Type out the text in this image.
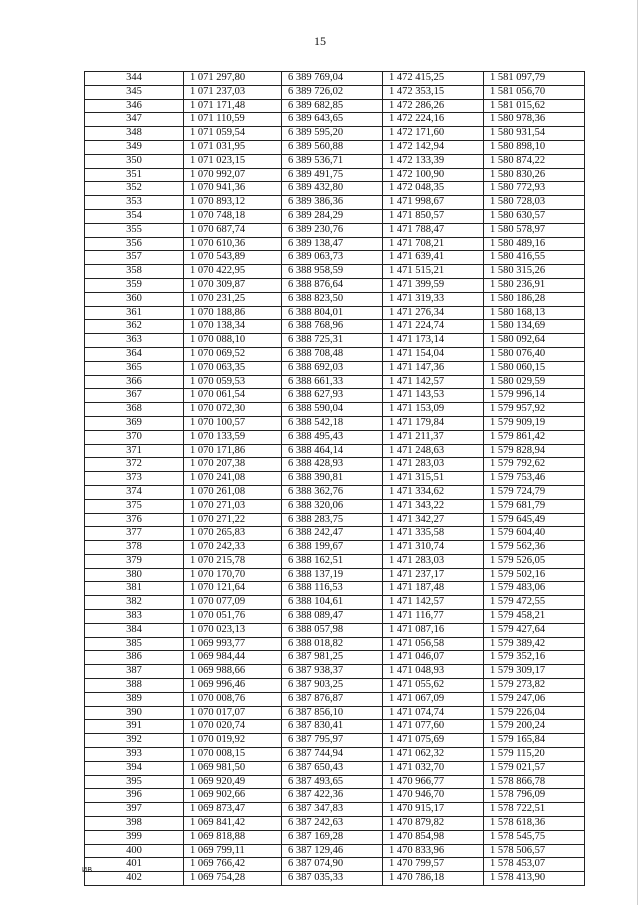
15
344	1 071 297,80	6 389 769,04	1 472 415,25	1 581 097,79
345	1 071 237,03	6 389 726,02	1 472 353,15	1 581 056,70
346	1 071 171,48	6 389 682,85	1 472 286,26	1 581 015,62
347	1 071 110,59	6 389 643,65	1 472 224,16	1 580 978,36
348	1 071 059,54	6 389 595,20	1 472 171,60	1 580 931,54
349	1 071 031,95	6 389 560,88	1 472 142,94	1 580 898,10
350	1 071 023,15	6 389 536,71	1 472 133,39	1 580 874,22
351	1 070 992,07	6 389 491,75	1 472 100,90	1 580 830,26
352	1 070 941,36	6 389 432,80	1 472 048,35	1 580 772,93
353	1 070 893,12	6 389 386,36	1 471 998,67	1 580 728,03
354	1 070 748,18	6 389 284,29	1 471 850,57	1 580 630,57
355	1 070 687,74	6 389 230,76	1 471 788,47	1 580 578,97
356	1 070 610,36	6 389 138,47	1 471 708,21	1 580 489,16
357	1 070 543,89	6 389 063,73	1 471 639,41	1 580 416,55
358	1 070 422,95	6 388 958,59	1 471 515,21	1 580 315,26
359	1 070 309,87	6 388 876,64	1 471 399,59	1 580 236,91
360	1 070 231,25	6 388 823,50	1 471 319,33	1 580 186,28
361	1 070 188,86	6 388 804,01	1 471 276,34	1 580 168,13
362	1 070 138,34	6 388 768,96	1 471 224,74	1 580 134,69
363	1 070 088,10	6 388 725,31	1 471 173,14	1 580 092,64
364	1 070 069,52	6 388 708,48	1 471 154,04	1 580 076,40
365	1 070 063,35	6 388 692,03	1 471 147,36	1 580 060,15
366	1 070 059,53	6 388 661,33	1 471 142,57	1 580 029,59
367	1 070 061,54	6 388 627,93	1 471 143,53	1 579 996,14
368	1 070 072,30	6 388 590,04	1 471 153,09	1 579 957,92
369	1 070 100,57	6 388 542,18	1 471 179,84	1 579 909,19
370	1 070 133,59	6 388 495,43	1 471 211,37	1 579 861,42
371	1 070 171,86	6 388 464,14	1 471 248,63	1 579 828,94
372	1 070 207,38	6 388 428,93	1 471 283,03	1 579 792,62
373	1 070 241,08	6 388 390,81	1 471 315,51	1 579 753,46
374	1 070 261,08	6 388 362,76	1 471 334,62	1 579 724,79
375	1 070 271,03	6 388 320,06	1 471 343,22	1 579 681,79
376	1 070 271,22	6 388 283,75	1 471 342,27	1 579 645,49
377	1 070 265,83	6 388 242,47	1 471 335,58	1 579 604,40
378	1 070 242,33	6 388 199,67	1 471 310,74	1 579 562,36
379	1 070 215,78	6 388 162,51	1 471 283,03	1 579 526,05
380	1 070 170,70	6 388 137,19	1 471 237,17	1 579 502,16
381	1 070 121,64	6 388 116,53	1 471 187,48	1 579 483,06
382	1 070 077,09	6 388 104,61	1 471 142,57	1 579 472,55
383	1 070 051,76	6 388 089,47	1 471 116,77	1 579 458,21
384	1 070 023,13	6 388 057,98	1 471 087,16	1 579 427,64
385	1 069 993,77	6 388 018,82	1 471 056,58	1 579 389,42
386	1 069 984,44	6 387 981,25	1 471 046,07	1 579 352,16
387	1 069 988,66	6 387 938,37	1 471 048,93	1 579 309,17
388	1 069 996,46	6 387 903,25	1 471 055,62	1 579 273,82
389	1 070 008,76	6 387 876,87	1 471 067,09	1 579 247,06
390	1 070 017,07	6 387 856,10	1 471 074,74	1 579 226,04
391	1 070 020,74	6 387 830,41	1 471 077,60	1 579 200,24
392	1 070 019,92	6 387 795,97	1 471 075,69	1 579 165,84
393	1 070 008,15	6 387 744,94	1 471 062,32	1 579 115,20
394	1 069 981,50	6 387 650,43	1 471 032,70	1 579 021,57
395	1 069 920,49	6 387 493,65	1 470 966,77	1 578 866,78
396	1 069 902,66	6 387 422,36	1 470 946,70	1 578 796,09
397	1 069 873,47	6 387 347,83	1 470 915,17	1 578 722,51
398	1 069 841,42	6 387 242,63	1 470 879,82	1 578 618,36
399	1 069 818,88	6 387 169,28	1 470 854,98	1 578 545,75
400	1 069 799,11	6 387 129,46	1 470 833,96	1 578 506,57
401	1 069 766,42	6 387 074,90	1 470 799,57	1 578 453,07
402	1 069 754,28	6 387 035,33	1 470 786,18	1 578 413,90
ИВ
